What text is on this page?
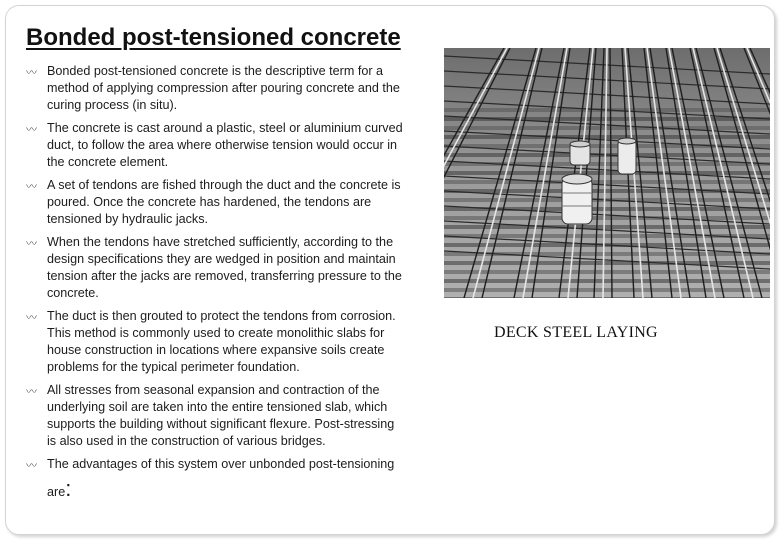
Bonded post-tensioned concrete
〰 Bonded post-tensioned concrete is the descriptive term for a
method of applying compression after pouring concrete and the
curing process (in situ).
〰 The concrete is cast around a plastic, steel or aluminium curved
duct, to follow the area where otherwise tension would occur in
the concrete element.
〰 A set of tendons are fished through the duct and the concrete is
poured. Once the concrete has hardened, the tendons are
tensioned by hydraulic jacks.
〰 When the tendons have stretched sufficiently, according to the
design specifications they are wedged in position and maintain
tension after the jacks are removed, transferring pressure to the
concrete.
〰 The duct is then grouted to protect the tendons from corrosion.
This method is commonly used to create monolithic slabs for
house construction in locations where expansive soils create
problems for the typical perimeter foundation.
〰 All stresses from seasonal expansion and contraction of the
underlying soil are taken into the entire tensioned slab, which
supports the building without significant flexure. Post-stressing
is also used in the construction of various bridges.
〰 The advantages of this system over unbonded post-tensioning
are:
DECK STEEL LAYING
